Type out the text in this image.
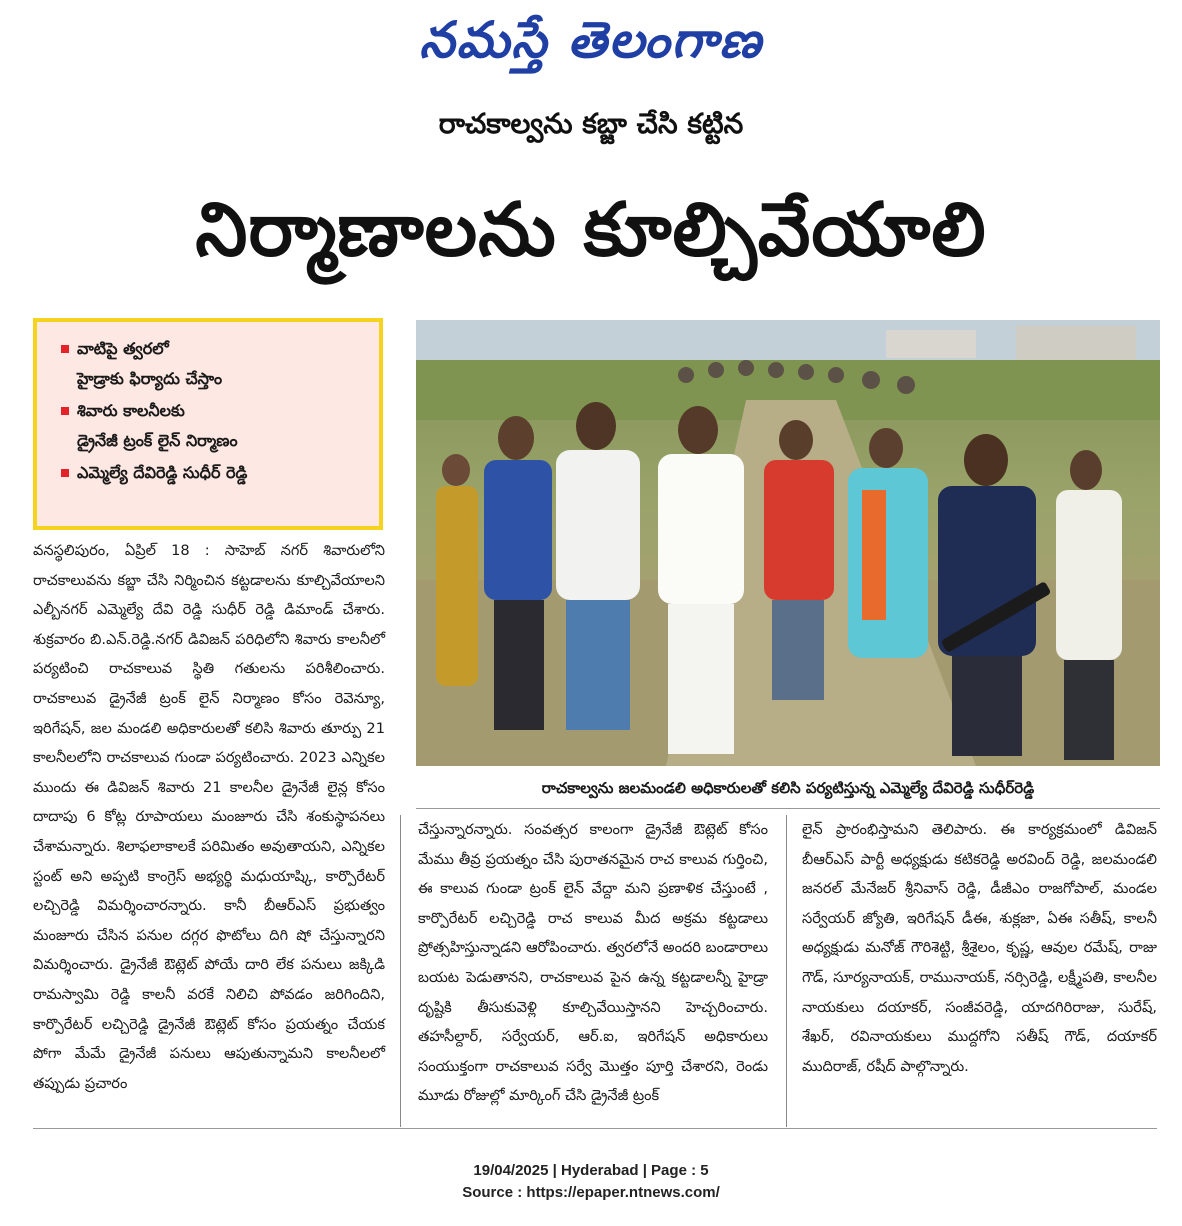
నమస్తే తెలంగాణ
రాచకాల్వను కబ్జా చేసి కట్టిన
నిర్మాణాలను కూల్చివేయాలి
వాటిపై త్వరలో
హైడ్రాకు ఫిర్యాదు చేస్తాం
శివారు కాలనీలకు
డ్రైనేజీ ట్రంక్ లైన్ నిర్మాణం
ఎమ్మెల్యే దేవిరెడ్డి సుధీర్ రెడ్డి
రాచకాల్వను జలమండలి అధికారులతో కలిసి పర్యటిస్తున్న ఎమ్మెల్యే దేవిరెడ్డి సుధీర్‌రెడ్డి

వనస్థలిపురం, ఏప్రిల్ 18 : సాహెబ్ నగర్ శివారులోని రాచకాలువను కబ్జా చేసి నిర్మించిన కట్టడాలను కూల్చివేయాలని ఎల్బీనగర్ ఎమ్మెల్యే దేవి రెడ్డి సుధీర్ రెడ్డి డిమాండ్ చేశారు. శుక్రవారం బి.ఎన్.రెడ్డి.నగర్ డివిజన్ పరిధిలోని శివారు కాలనీలో పర్యటించి రాచకాలువ స్థితి గతులను పరిశీలించారు. రాచకాలువ డ్రైనేజీ ట్రంక్ లైన్ నిర్మాణం కోసం రెవెన్యూ, ఇరిగేషన్, జల మండలి అధికారులతో కలిసి శివారు తూర్పు 21 కాలనీలలోని రాచకాలువ గుండా పర్యటించారు. 2023 ఎన్నికల ముందు ఈ డివిజన్ శివారు 21 కాలనీల డ్రైనేజీ లైన్ల కోసం దాదాపు 6 కోట్ల రూపాయలు మంజూరు చేసి శంకుస్థాపనలు చేశామన్నారు. శిలాఫలాకాలకే పరిమితం అవుతాయని, ఎన్నికల స్టంట్ అని అప్పటి కాంగ్రెస్ అభ్యర్థి మధుయాష్కి, కార్పొరేటర్ లచ్చిరెడ్డి విమర్శించారన్నారు. కానీ బీఆర్ఎస్ ప్రభుత్వం మంజూరు చేసిన పనుల దగ్గర ఫొటోలు దిగి షో చేస్తున్నారని విమర్శించారు. డ్రైనేజీ ఔట్లెట్ పోయే దారి లేక పనులు జక్కిడి రామస్వామి రెడ్డి కాలనీ వరకే నిలిచి పోవడం జరిగిందిని, కార్పొరేటర్ లచ్చిరెడ్డి డ్రైనేజీ ఔట్లెట్ కోసం ప్రయత్నం చేయక పోగా మేమే డ్రైనేజీ పనులు ఆపుతున్నామని కాలనీలలో తప్పుడు ప్రచారం

చేస్తున్నారన్నారు. సంవత్సర కాలంగా డ్రైనేజీ ఔట్లెట్ కోసం మేము తీవ్ర ప్రయత్నం చేసి పురాతనమైన రాచ కాలువ గుర్తించి, ఈ కాలువ గుండా ట్రంక్ లైన్ వేద్దా మని ప్రణాళిక చేస్తుంటే , కార్పొరేటర్ లచ్చిరెడ్డి రాచ కాలువ మీద అక్రమ కట్టడాలు ప్రోత్సహిస్తున్నాడని ఆరోపించారు. త్వరలోనే అందరి బండారాలు బయట పెడుతానని, రాచకాలువ పైన ఉన్న కట్టడాలన్నీ హైడ్రా దృష్టికి తీసుకువెళ్లి కూల్చివేయిస్తానని హెచ్చరించారు. తహసీల్దార్, సర్వేయర్, ఆర్.ఐ, ఇరిగేషన్ అధికారులు సంయుక్తంగా రాచకాలువ సర్వే మొత్తం పూర్తి చేశారని, రెండు మూడు రోజుల్లో మార్కింగ్ చేసి డ్రైనేజీ ట్రంక్

లైన్ ప్రారంభిస్తామని తెలిపారు. ఈ కార్యక్రమంలో డివిజన్ బీఆర్ఎస్ పార్టీ అధ్యక్షుడు కటికరెడ్డి అరవింద్ రెడ్డి, జలమండలి జనరల్ మేనేజర్ శ్రీనివాస్ రెడ్డి, డీజీఎం రాజగోపాల్, మండల సర్వేయర్ జ్యోతి, ఇరిగేషన్ డీఈ, శుక్లజా, ఏఈ సతీష్, కాలనీ అధ్యక్షుడు మనోజ్ గౌరిశెట్టి, శ్రీశైలం, కృష్ణ, ఆవుల రమేష్, రాజు గౌడ్, సూర్యనాయక్, రామునాయక్, నర్సిరెడ్డి, లక్ష్మీపతి, కాలనీల నాయకులు దయాకర్, సంజీవరెడ్డి, యాదగిరిరాజు, సురేష్, శేఖర్, రవినాయకులు ముద్దగోని సతీష్ గౌడ్, దయాకర్ ముదిరాజ్, రషీద్ పాల్గొన్నారు.

19/04/2025 | Hyderabad | Page : 5
Source : https://epaper.ntnews.com/
